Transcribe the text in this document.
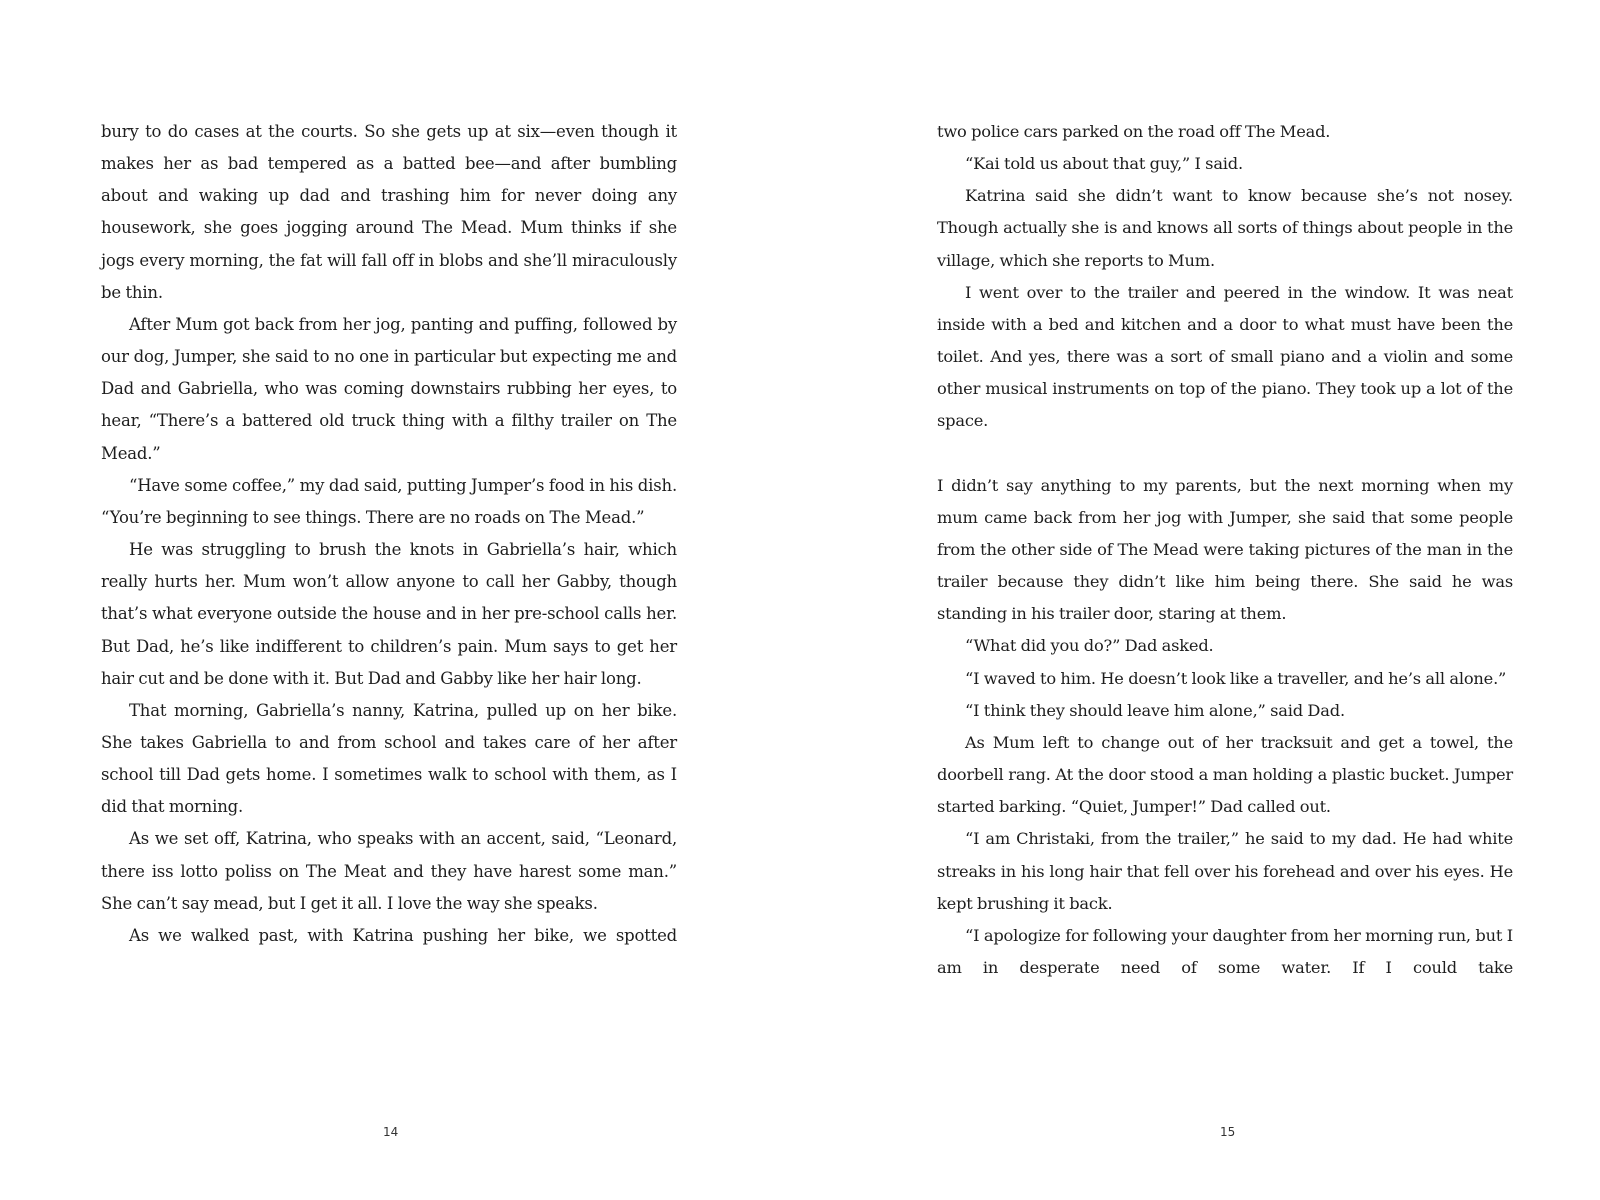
bury to do cases at the courts. So she gets up at six—even though it makes her as bad tempered as a batted bee—and after bumbling about and waking up dad and trashing him for never doing any housework, she goes jogging around The Mead. Mum thinks if she jogs every morning, the fat will fall off in blobs and she’ll miraculously be thin.

After Mum got back from her jog, panting and puffing, followed by our dog, Jumper, she said to no one in particular but expecting me and Dad and Gabriella, who was coming downstairs rubbing her eyes, to hear, “There’s a battered old truck thing with a filthy trailer on The Mead.”

“Have some coffee,” my dad said, putting Jumper’s food in his dish. “You’re beginning to see things. There are no roads on The Mead.”

He was struggling to brush the knots in Gabriella’s hair, which really hurts her. Mum won’t allow anyone to call her Gabby, though that’s what everyone outside the house and in her pre-school calls her. But Dad, he’s like indifferent to children’s pain. Mum says to get her hair cut and be done with it. But Dad and Gabby like her hair long.

That morning, Gabriella’s nanny, Katrina, pulled up on her bike. She takes Gabriella to and from school and takes care of her after school till Dad gets home. I sometimes walk to school with them, as I did that morning.

As we set off, Katrina, who speaks with an accent, said, “Leonard, there iss lotto poliss on The Meat and they have harest some man.” She can’t say mead, but I get it all. I love the way she speaks.

As we walked past, with Katrina pushing her bike, we spotted

14

two police cars parked on the road off The Mead.

“Kai told us about that guy,” I said.

Katrina said she didn’t want to know because she’s not nosey. Though actually she is and knows all sorts of things about people in the village, which she reports to Mum.

I went over to the trailer and peered in the window. It was neat inside with a bed and kitchen and a door to what must have been the toilet. And yes, there was a sort of small piano and a violin and some other musical instruments on top of the piano. They took up a lot of the space.

I didn’t say anything to my parents, but the next morning when my mum came back from her jog with Jumper, she said that some people from the other side of The Mead were taking pictures of the man in the trailer because they didn’t like him being there. She said he was standing in his trailer door, staring at them.

“What did you do?” Dad asked.

“I waved to him. He doesn’t look like a traveller, and he’s all alone.”

“I think they should leave him alone,” said Dad.

As Mum left to change out of her tracksuit and get a towel, the doorbell rang. At the door stood a man holding a plastic bucket. Jumper started barking. “Quiet, Jumper!” Dad called out.

“I am Christaki, from the trailer,” he said to my dad. He had white streaks in his long hair that fell over his forehead and over his eyes. He kept brushing it back.

“I apologize for following your daughter from her morning run, but I am in desperate need of some water. If I could take

15
